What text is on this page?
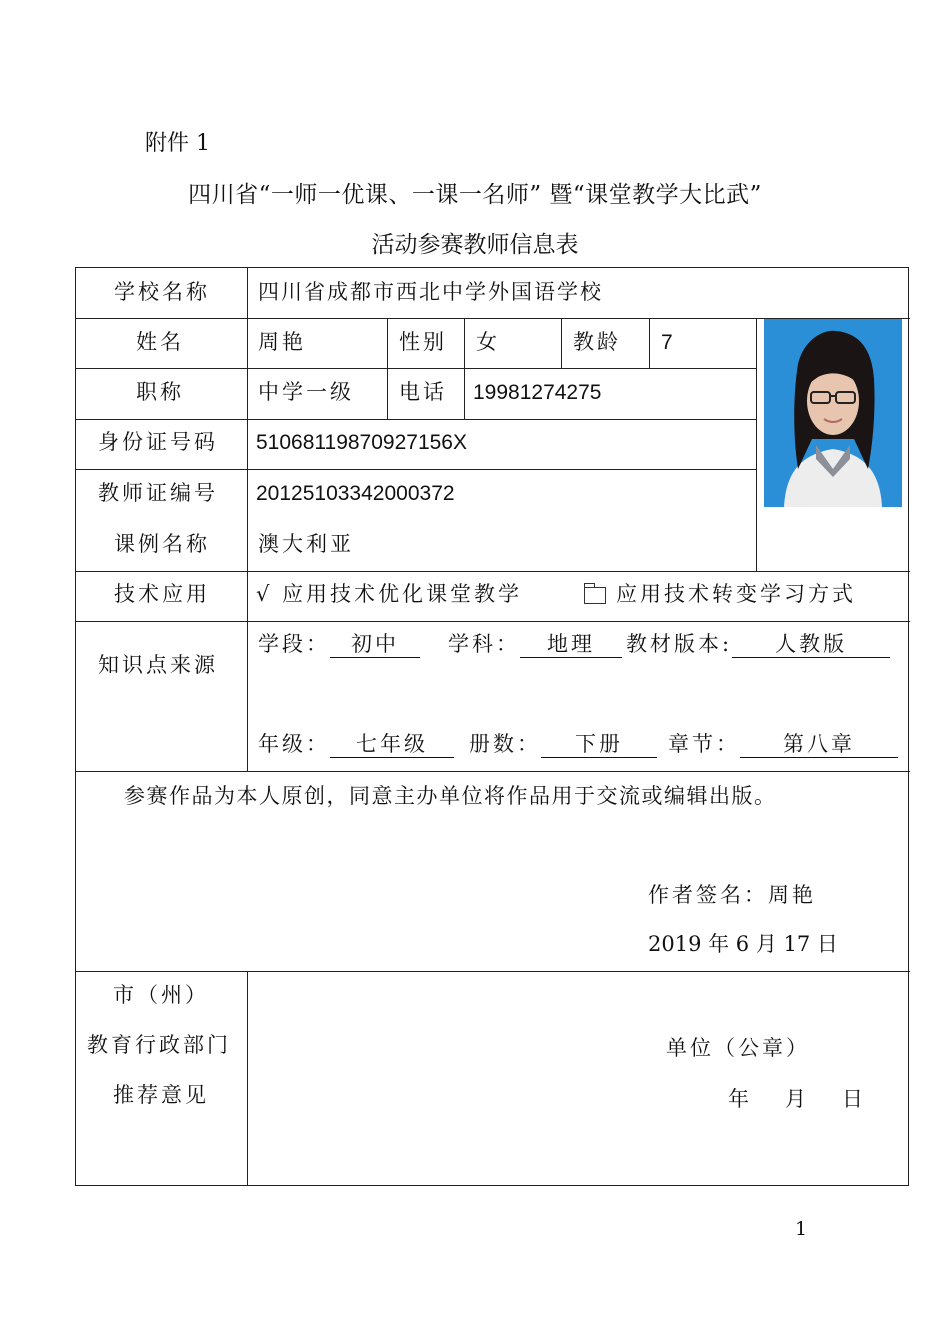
附件 1
四川省“一师一优课、一课一名师” 暨“课堂教学大比武”
活动参赛教师信息表
学校名称 四川省成都市西北中学外国语学校
姓名	周艳	性别 女	教龄 7
职称	中学一级 电话 19981274275
身份证号码 51068119870927156X
教师证编号 20125103342000372
课例名称 澳大利亚
技术应用 √ 应用技术优化课堂教学	应用技术转变学习方式
知识点来源
学段： 初中	学科： 地理	教材版本: 人教版
年级： 七年级	册数： 下册	章节： 第八章
参赛作品为本人原创，同意主办单位将作品用于交流或编辑出版。
作者签名：周艳
2019 年 6 月 17 日
市（州）
教育行政部门
推荐意见
单位（公章）
年   月   日
1
